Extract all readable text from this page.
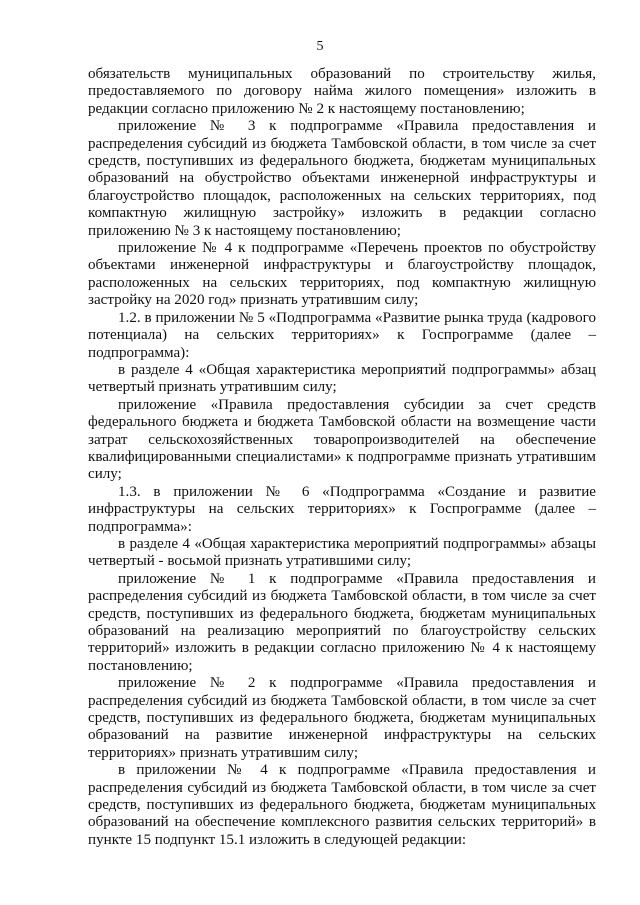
5

обязательств муниципальных образований по строительству жилья, предоставляемого по договору найма жилого помещения» изложить в редакции согласно приложению № 2 к настоящему постановлению;

приложение № 3 к подпрограмме «Правила предоставления и распределения субсидий из бюджета Тамбовской области, в том числе за счет средств, поступивших из федерального бюджета, бюджетам муниципальных образований на обустройство объектами инженерной инфраструктуры и благоустройство площадок, расположенных на сельских территориях, под компактную жилищную застройку» изложить в редакции согласно приложению № 3 к настоящему постановлению;

приложение № 4 к подпрограмме «Перечень проектов по обустройству объектами инженерной инфраструктуры и благоустройству площадок, расположенных на сельских территориях, под компактную жилищную застройку на 2020 год» признать утратившим силу;

1.2. в приложении № 5 «Подпрограмма «Развитие рынка труда (кадрового потенциала) на сельских территориях» к Госпрограмме (далее – подпрограмма):

в разделе 4 «Общая характеристика мероприятий подпрограммы» абзац четвертый признать утратившим силу;

приложение «Правила предоставления субсидии за счет средств федерального бюджета и бюджета Тамбовской области на возмещение части затрат сельскохозяйственных товаропроизводителей на обеспечение квалифицированными специалистами» к подпрограмме признать утратившим силу;

1.3. в приложении № 6 «Подпрограмма «Создание и развитие инфраструктуры на сельских территориях» к Госпрограмме (далее – подпрограмма»:

в разделе 4 «Общая характеристика мероприятий подпрограммы» абзацы четвертый - восьмой признать утратившими силу;

приложение № 1 к подпрограмме «Правила предоставления и распределения субсидий из бюджета Тамбовской области, в том числе за счет средств, поступивших из федерального бюджета, бюджетам муниципальных образований на реализацию мероприятий по благоустройству сельских территорий» изложить в редакции согласно приложению № 4 к настоящему постановлению;

приложение № 2 к подпрограмме «Правила предоставления и распределения субсидий из бюджета Тамбовской области, в том числе за счет средств, поступивших из федерального бюджета, бюджетам муниципальных образований на развитие инженерной инфраструктуры на сельских территориях» признать утратившим силу;

в приложении № 4 к подпрограмме «Правила предоставления и распределения субсидий из бюджета Тамбовской области, в том числе за счет средств, поступивших из федерального бюджета, бюджетам муниципальных образований на обеспечение комплексного развития сельских территорий» в пункте 15 подпункт 15.1 изложить в следующей редакции:
